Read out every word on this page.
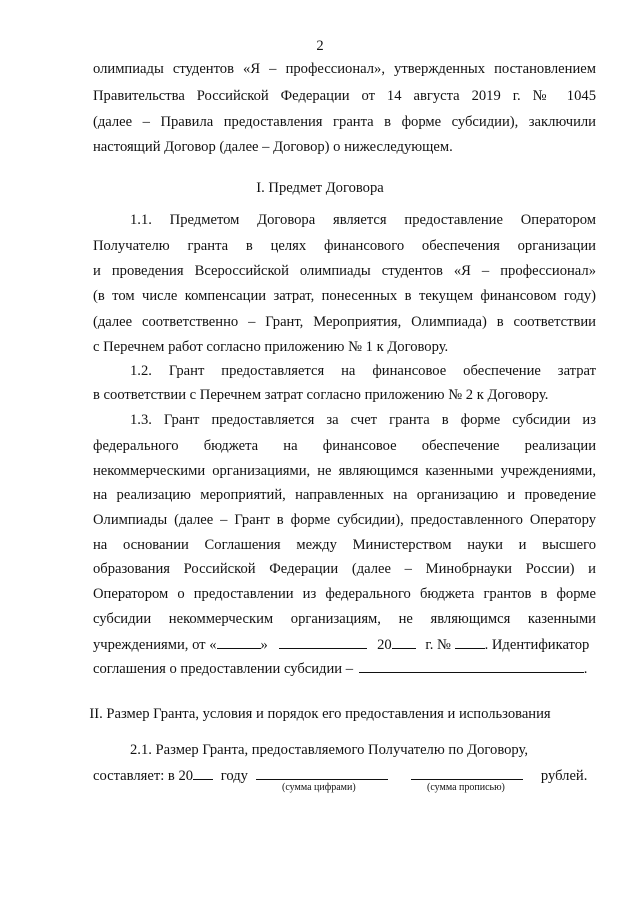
2
олимпиады студентов «Я – профессионал», утвержденных постановлением
Правительства Российской Федерации от 14 августа 2019 г. № 1045
(далее – Правила предоставления гранта в форме субсидии), заключили
настоящий Договор (далее – Договор) о нижеследующем.
I. Предмет Договора
1.1. Предметом Договора является предоставление Оператором
Получателю гранта в целях финансового обеспечения организации
и проведения Всероссийской олимпиады студентов «Я – профессионал»
(в том числе компенсации затрат, понесенных в текущем финансовом году)
(далее соответственно – Грант, Мероприятия, Олимпиада) в соответствии
с Перечнем работ согласно приложению № 1 к Договору.
1.2. Грант предоставляется на финансовое обеспечение затрат
в соответствии с Перечнем затрат согласно приложению № 2 к Договору.
1.3. Грант предоставляется за счет гранта в форме субсидии из
федерального бюджета на финансовое обеспечение реализации
некоммерческими организациями, не являющимся казенными учреждениями,
на реализацию мероприятий, направленных на организацию и проведение
Олимпиады (далее – Грант в форме субсидии), предоставленного Оператору
на основании Соглашения между Министерством науки и высшего
образования Российской Федерации (далее – Минобрнауки России) и
Оператором о предоставлении из федерального бюджета грантов в форме
субсидии некоммерческим организациям, не являющимся казенными
учреждениями, от «	»	20 г. № . Идентификатор
соглашения о предоставлении субсидии –	.
II. Размер Гранта, условия и порядок его предоставления и использования
2.1. Размер Гранта, предоставляемого Получателю по Договору,
составляет: в 20 году	рублей.
(сумма цифрами)	(сумма прописью)
